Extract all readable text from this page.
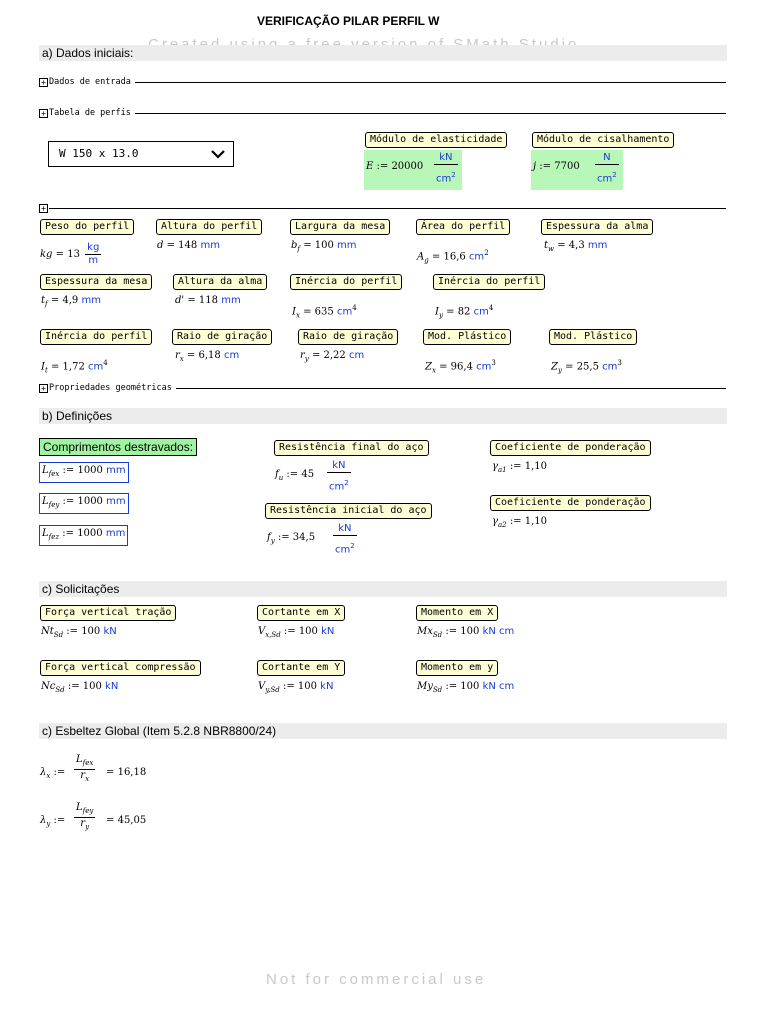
VERIFICAÇÃO PILAR PERFIL W
Not for commercial use
a) Dados iniciais:
+ Dados de entrada
+ Tabela de perfis
W 150 x 13.0
Módulo de elasticidade
E := $20000 \frac{kN}{cm^2}$
Módulo de cisalhamento
j := $7700 \frac{N}{cm^2}$
+
Peso do perfil
kg = $13 \frac{kg}{m}$
Altura do perfil
d = 148 mm
Largura da mesa
$b_f = 100$ mm
Área do perfil
$A_g = 16,6$ $cm^2$
Espessura da alma
$t_w = 4,3$ mm
Espessura da mesa
$t_f = 4,9$ mm
Altura da alma
d' = 118 mm
Inércia do perfil
$I_x = 635$ $cm^4$
Inércia do perfil
$I_y = 82$ $cm^4$
Inércia do perfil
$I_t = 1,72$ $cm^4$
Raio de giração
$r_x = 6,18$ cm
Raio de giração
$r_y = 2,22$ cm
Mod. Plástico
$Z_x = 96,4$ $cm^3$
Mod. Plástico
$Z_y = 25,5$ $cm^3$
+ Propriedades geométricas
b) Definições
Comprimentos destravados:
$L_{fex}$ := 1000 mm
$L_{fey}$ := 1000 mm
$L_{fez}$ := 1000 mm
Resistência final do aço
$f_u$ := $45 \frac{kN}{cm^2}$
Resistência inicial do aço
$f_y$ := $34,5 \frac{kN}{cm^2}$
Coeficiente de ponderação
$\gamma_{a1}$ := 1,10
Coeficiente de ponderação
$\gamma_{a2}$ := 1,10
c) Solicitações
Força vertical tração
$Nt_{Sd}$ := 100 kN
Cortante em X
$V_{x,Sd}$ := 100 kN
Momento em X
$Mx_{Sd}$ := 100 kN cm
Força vertical compressão
$Nc_{Sd}$ := 100 kN
Cortante em Y
$V_{y,Sd}$ := 100 kN
Momento em y
$My_{Sd}$ := 100 kN cm
c) Esbeltez Global (Item 5.2.8 NBR8800/24)
$\lambda_x$ :=
$L_{fex}$
$r_x$
= 16,18
$\lambda_y$ :=
$L_{fey}$
$r_y$
= 45,05
